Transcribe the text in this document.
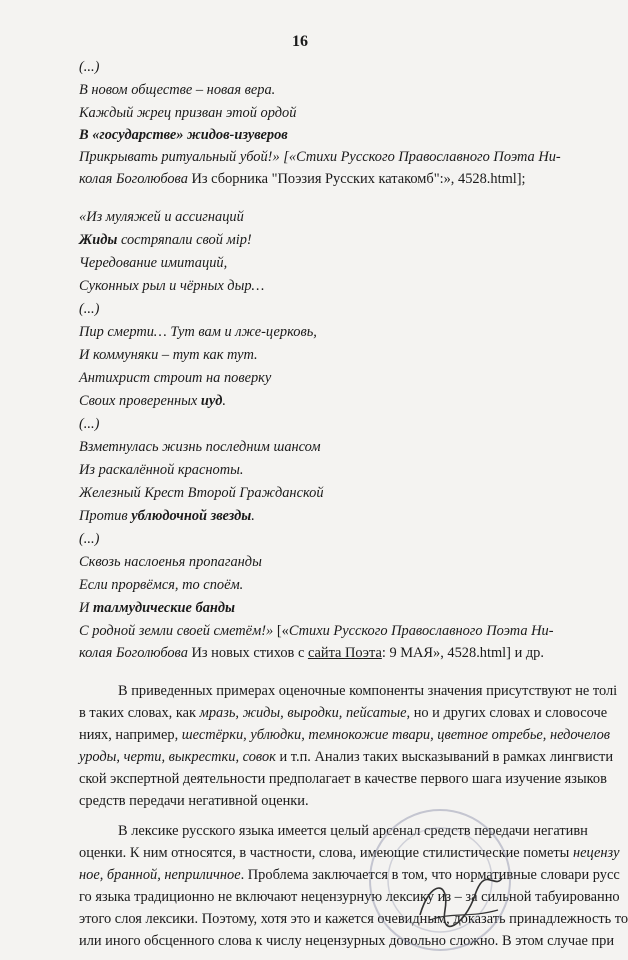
16
(...)
В новом обществе – новая вера.
Каждый жрец призван этой ордой
В «государстве» жидов-изуверов
Прикрывать ритуальный убой!» [«Стихи Русского Православного Поэта Ни-
колая Боголюбова Из сборника "Поэзия Русских катакомб":», 4528.html];
«Из муляжей и ассигнаций
Жиды состряпали свой мiр!
Чередование имитаций,
Суконных рыл и чёрных дыр…
(...)
Пир смерти… Тут вам и лже-церковь,
И коммуняки – тут как тут.
Антихрист строит на поверку
Своих проверенных иуд.
(...)
Взметнулась жизнь последним шансом
Из раскалённой красноты.
Железный Крест Второй Гражданской
Против ублюдочной звезды.
(...)
Сквозь наслоенья пропаганды
Если прорвёмся, то споём.
И талмудические банды
С родной земли своей сметём!» [«Стихи Русского Православного Поэта Ни-
колая Боголюбова Из новых стихов с сайта Поэта: 9 МАЯ», 4528.html] и др.
В приведенных примерах оценочные компоненты значения присутствуют не толі
в таких словах, как мразь, жиды, выродки, пейсатые, но и других словах и словосоче
ниях, например, шестёрки, ублюдки, темнокожие твари, цветное отребье, недочелов
уроды, черти, выкрестки, совок и т.п. Анализ таких высказываний в рамках лингвисти
ской экспертной деятельности предполагает в качестве первого шага изучение языков
средств передачи негативной оценки.
В лексике русского языка имеется целый арсенал средств передачи негативн
оценки. К ним относятся, в частности, слова, имеющие стилистические пометы нецензу
ное, бранной, неприличное. Проблема заключается в том, что нормативные словари русс
го языка традиционно не включают нецензурную лексику из – за сильной табуированно
этого слоя лексики. Поэтому, хотя это и кажется очевидным, доказать принадлежность то
или иного обсценного слова к числу нецензурных довольно сложно. В этом случае при
